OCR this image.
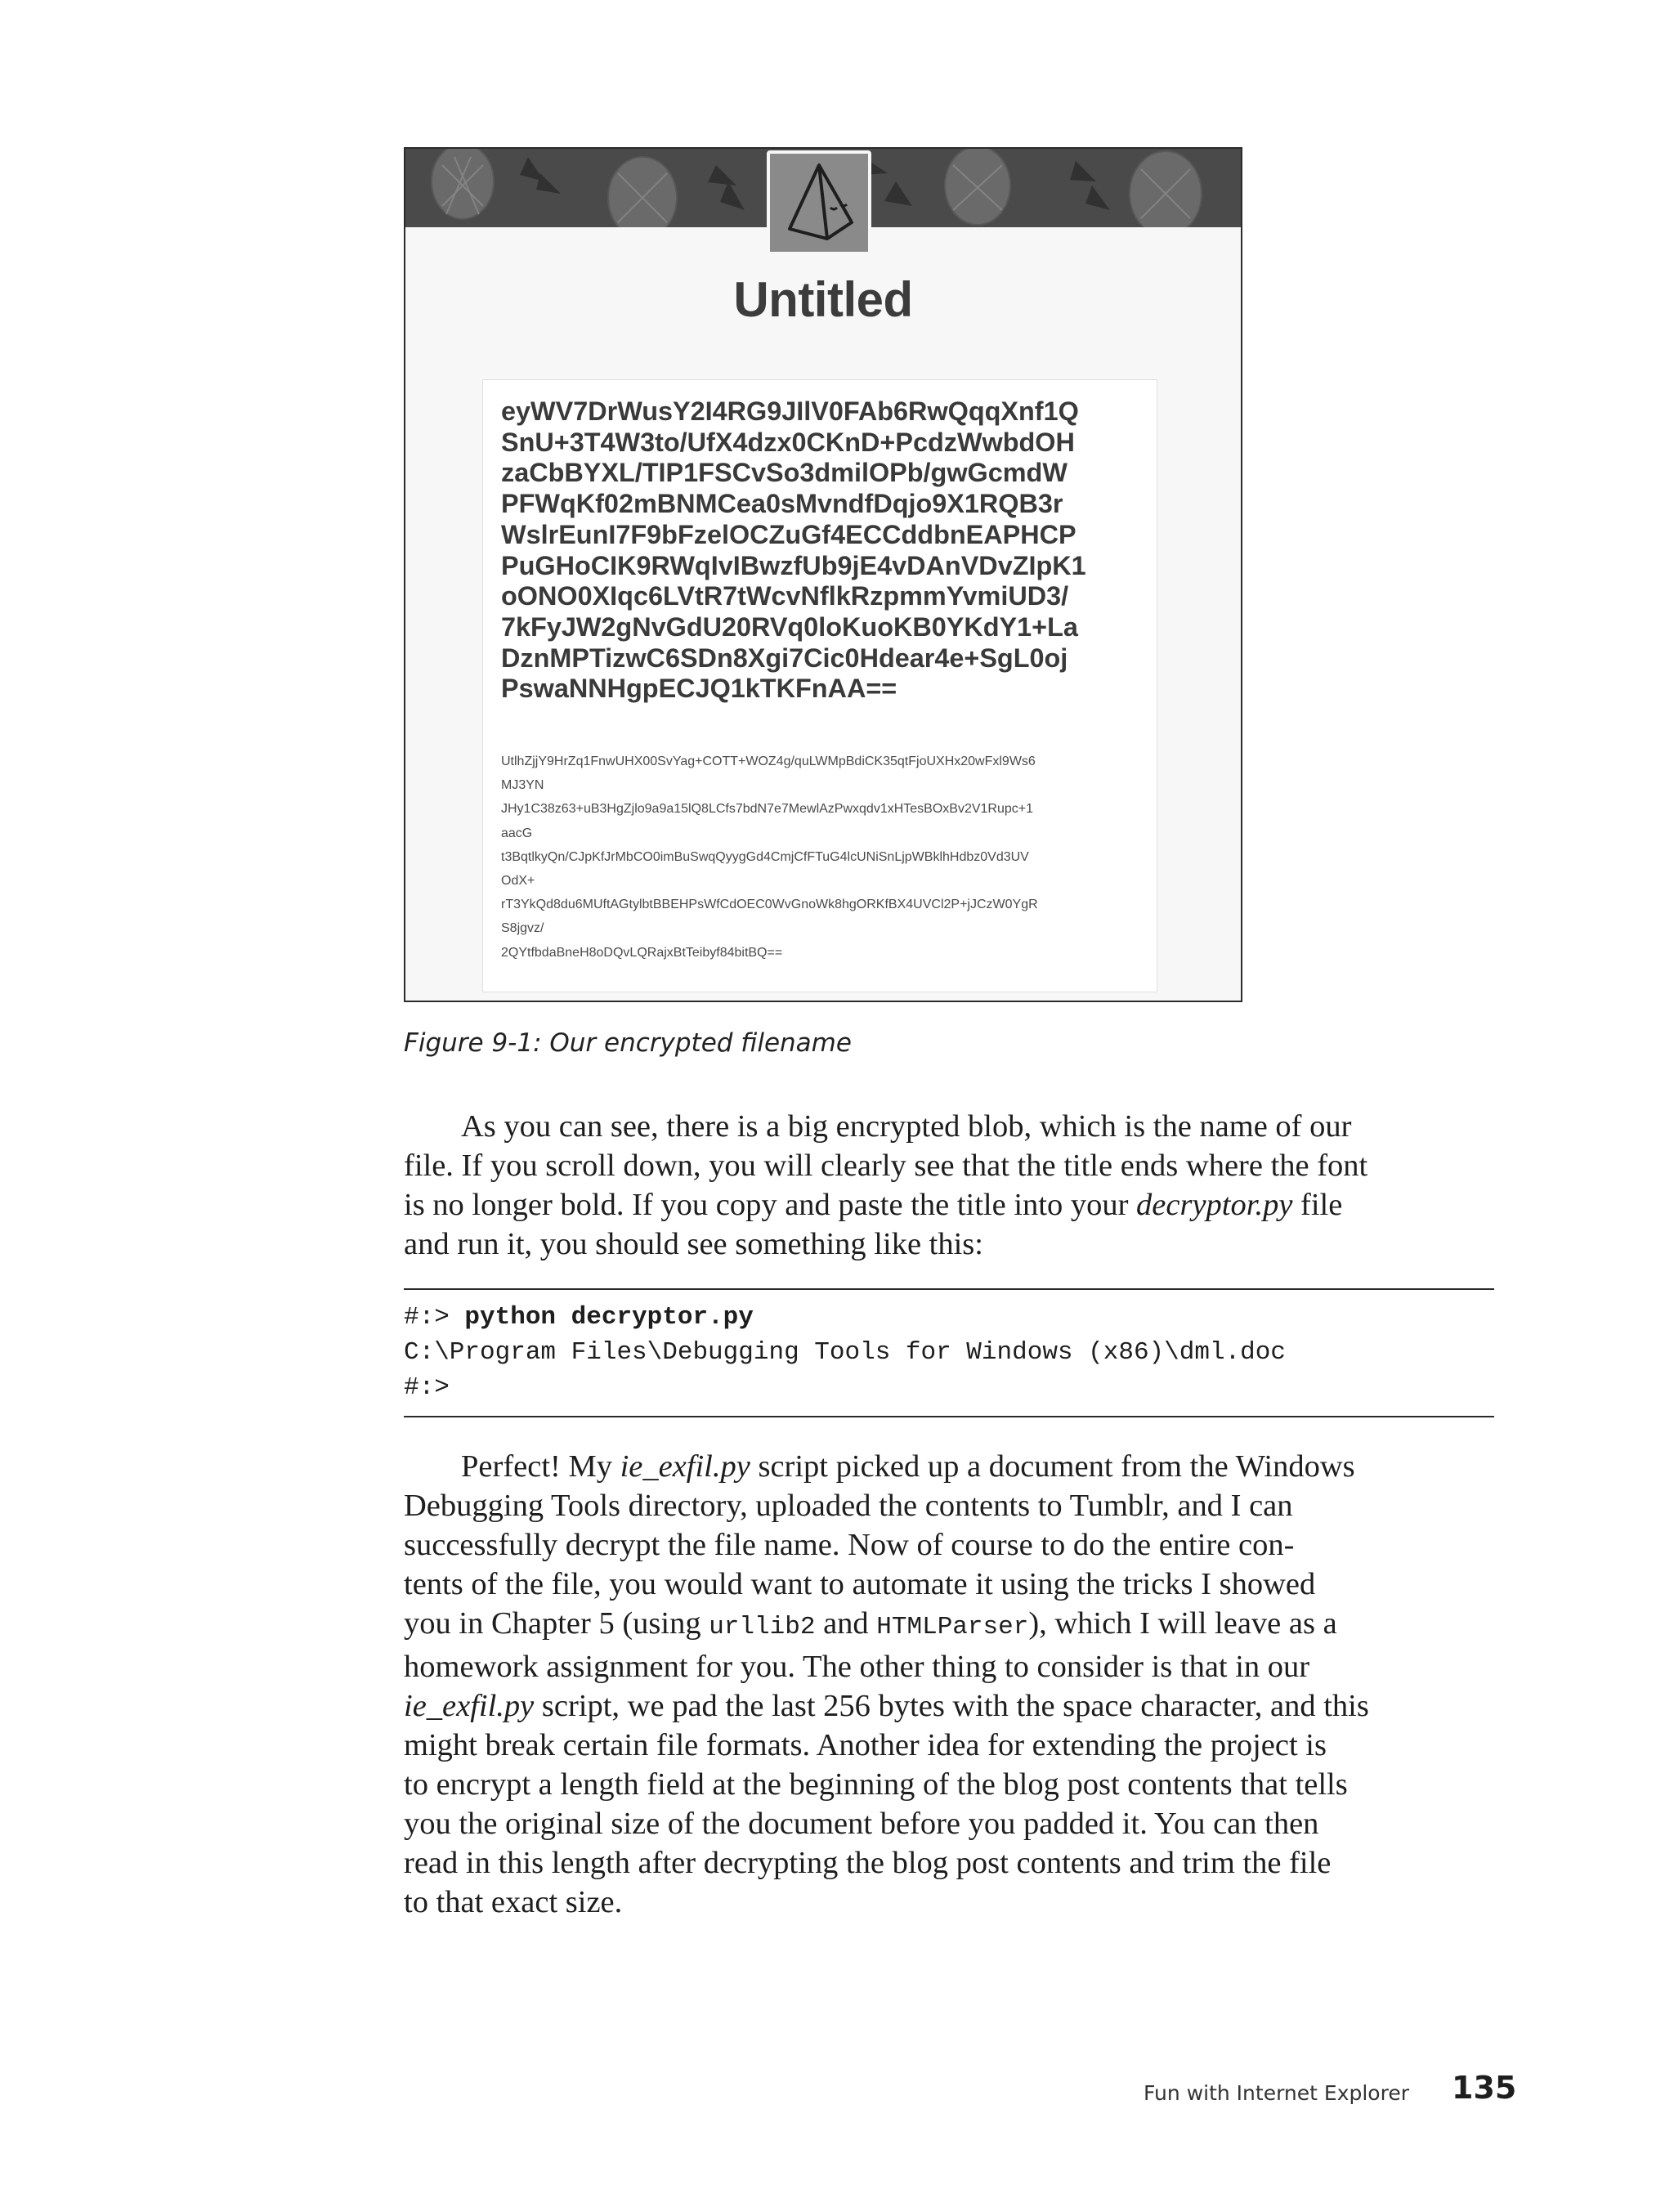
Untitled
eyWV7DrWusY2I4RG9JIlV0FAb6RwQqqXnf1Q
SnU+3T4W3to/UfX4dzx0CKnD+PcdzWwbdOH
zaCbBYXL/TIP1FSCvSo3dmilOPb/gwGcmdW
PFWqKf02mBNMCea0sMvndfDqjo9X1RQB3r
WslrEunI7F9bFzelOCZuGf4ECCddbnEAPHCP
PuGHoCIK9RWqIvIBwzfUb9jE4vDAnVDvZIpK1
oONO0XIqc6LVtR7tWcvNflkRzpmmYvmiUD3/
7kFyJW2gNvGdU20RVq0loKuoKB0YKdY1+La
DznMPTizwC6SDn8Xgi7Cic0Hdear4e+SgL0oj
PswaNNHgpECJQ1kTKFnAA==
UtlhZjjY9HrZq1FnwUHX00SvYag+COTT+WOZ4g/quLWMpBdiCK35qtFjoUXHx20wFxl9Ws6
MJ3YN
JHy1C38z63+uB3HgZjlo9a9a15lQ8LCfs7bdN7e7MewlAzPwxqdv1xHTesBOxBv2V1Rupc+1
aacG
t3BqtlkyQn/CJpKfJrMbCO0imBuSwqQyygGd4CmjCfFTuG4lcUNiSnLjpWBklhHdbz0Vd3UV
OdX+
rT3YkQd8du6MUftAGtylbtBBEHPsWfCdOEC0WvGnoWk8hgORKfBX4UVCl2P+jJCzW0YgR
S8jgvz/
2QYtfbdaBneH8oDQvLQRajxBtTeibyf84bitBQ==
Figure 9-1: Our encrypted filename
As you can see, there is a big encrypted blob, which is the name of our
file. If you scroll down, you will clearly see that the title ends where the font
is no longer bold. If you copy and paste the title into your decryptor.py file
and run it, you should see something like this:
#:> python decryptor.py
C:\Program Files\Debugging Tools for Windows (x86)\dml.doc
#:>
Perfect! My ie_exfil.py script picked up a document from the Windows
Debugging Tools directory, uploaded the contents to Tumblr, and I can
successfully decrypt the file name. Now of course to do the entire con-
tents of the file, you would want to automate it using the tricks I showed
you in Chapter 5 (using urllib2 and HTMLParser), which I will leave as a
homework assignment for you. The other thing to consider is that in our
ie_exfil.py script, we pad the last 256 bytes with the space character, and this
might break certain file formats. Another idea for extending the project is
to encrypt a length field at the beginning of the blog post contents that tells
you the original size of the document before you padded it. You can then
read in this length after decrypting the blog post contents and trim the file
to that exact size.
Fun with Internet Explorer 135
